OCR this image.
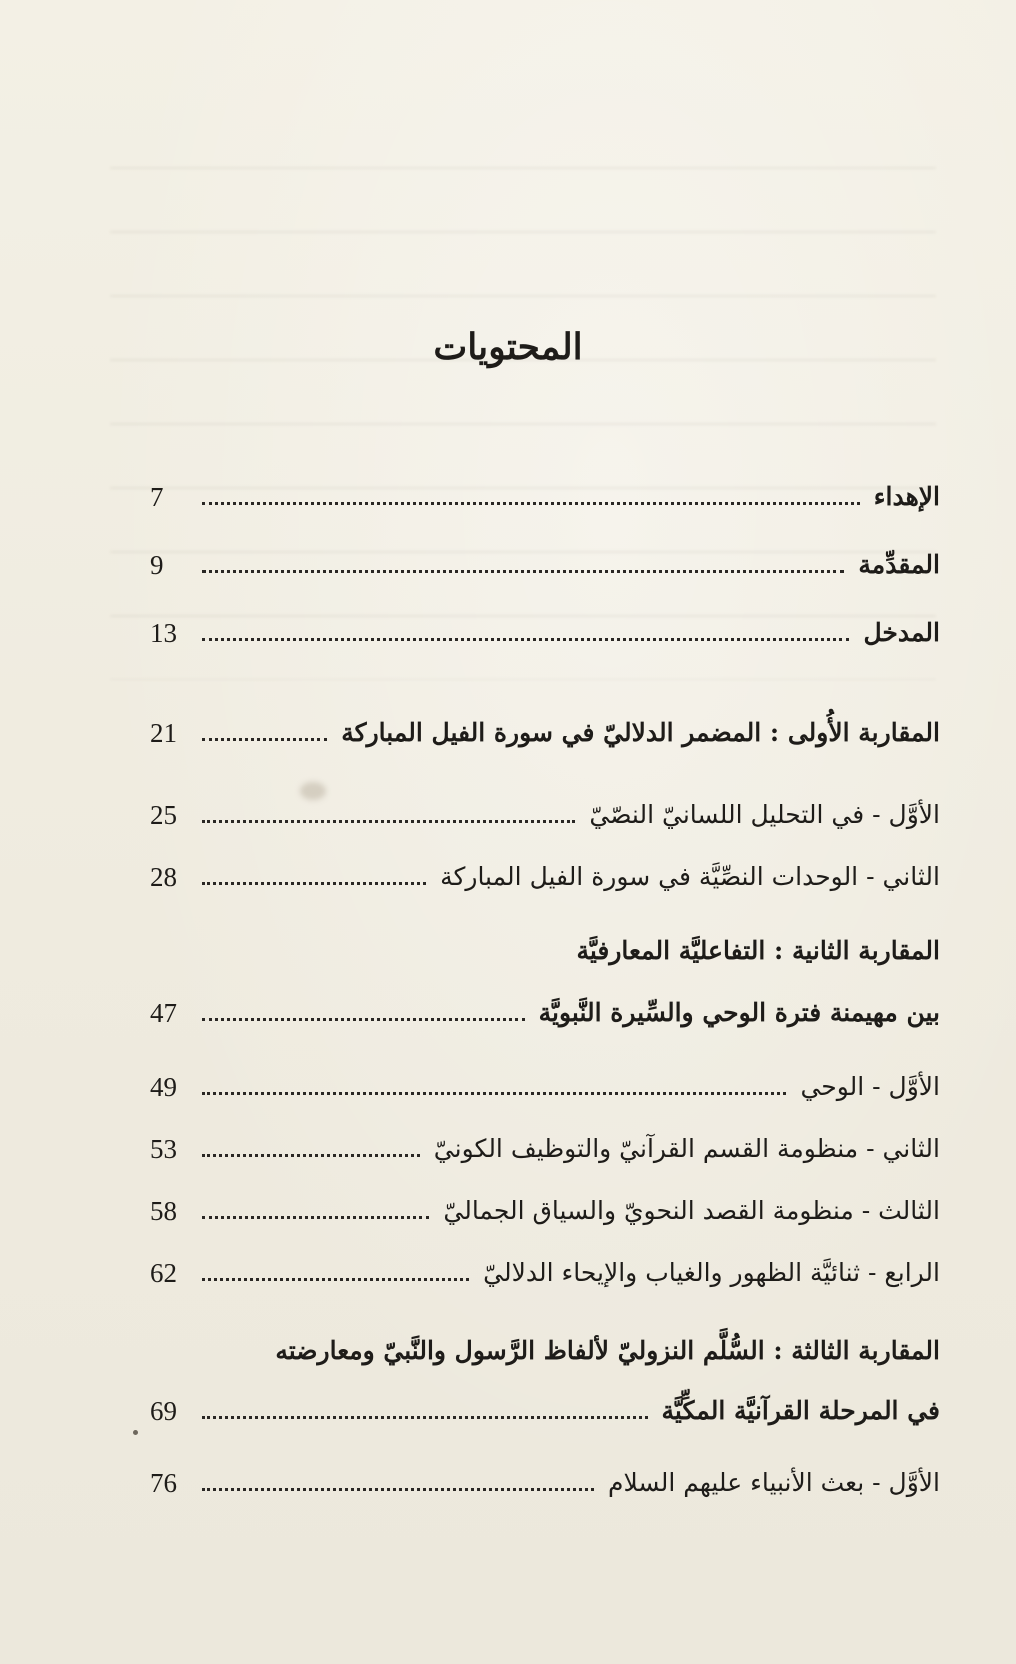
المحتويات
الإهداء
7
المقدِّمة
9
المدخل
13
المقاربة الأُولى : المضمر الدلاليّ في سورة الفيل المباركة
21
الأوَّل - في التحليل اللسانيّ النصّيّ
25
الثاني - الوحدات النصِّيَّة في سورة الفيل المباركة
28
المقاربة الثانية : التفاعليَّة المعارفيَّة
بين مهيمنة فترة الوحي والسِّيرة النَّبويَّة
47
الأوَّل - الوحي
49
الثاني - منظومة القسم القرآنيّ والتوظيف الكونيّ
53
الثالث - منظومة القصد النحويّ والسياق الجماليّ
58
الرابع - ثنائيَّة الظهور والغياب والإيحاء الدلاليّ
62
المقاربة الثالثة : السُّلَّم النزوليّ لألفاظ الرَّسول والنَّبيّ ومعارضته
في المرحلة القرآنيَّة المكِّيَّة
69
الأوَّل - بعث الأنبياء عليهم السلام
76
